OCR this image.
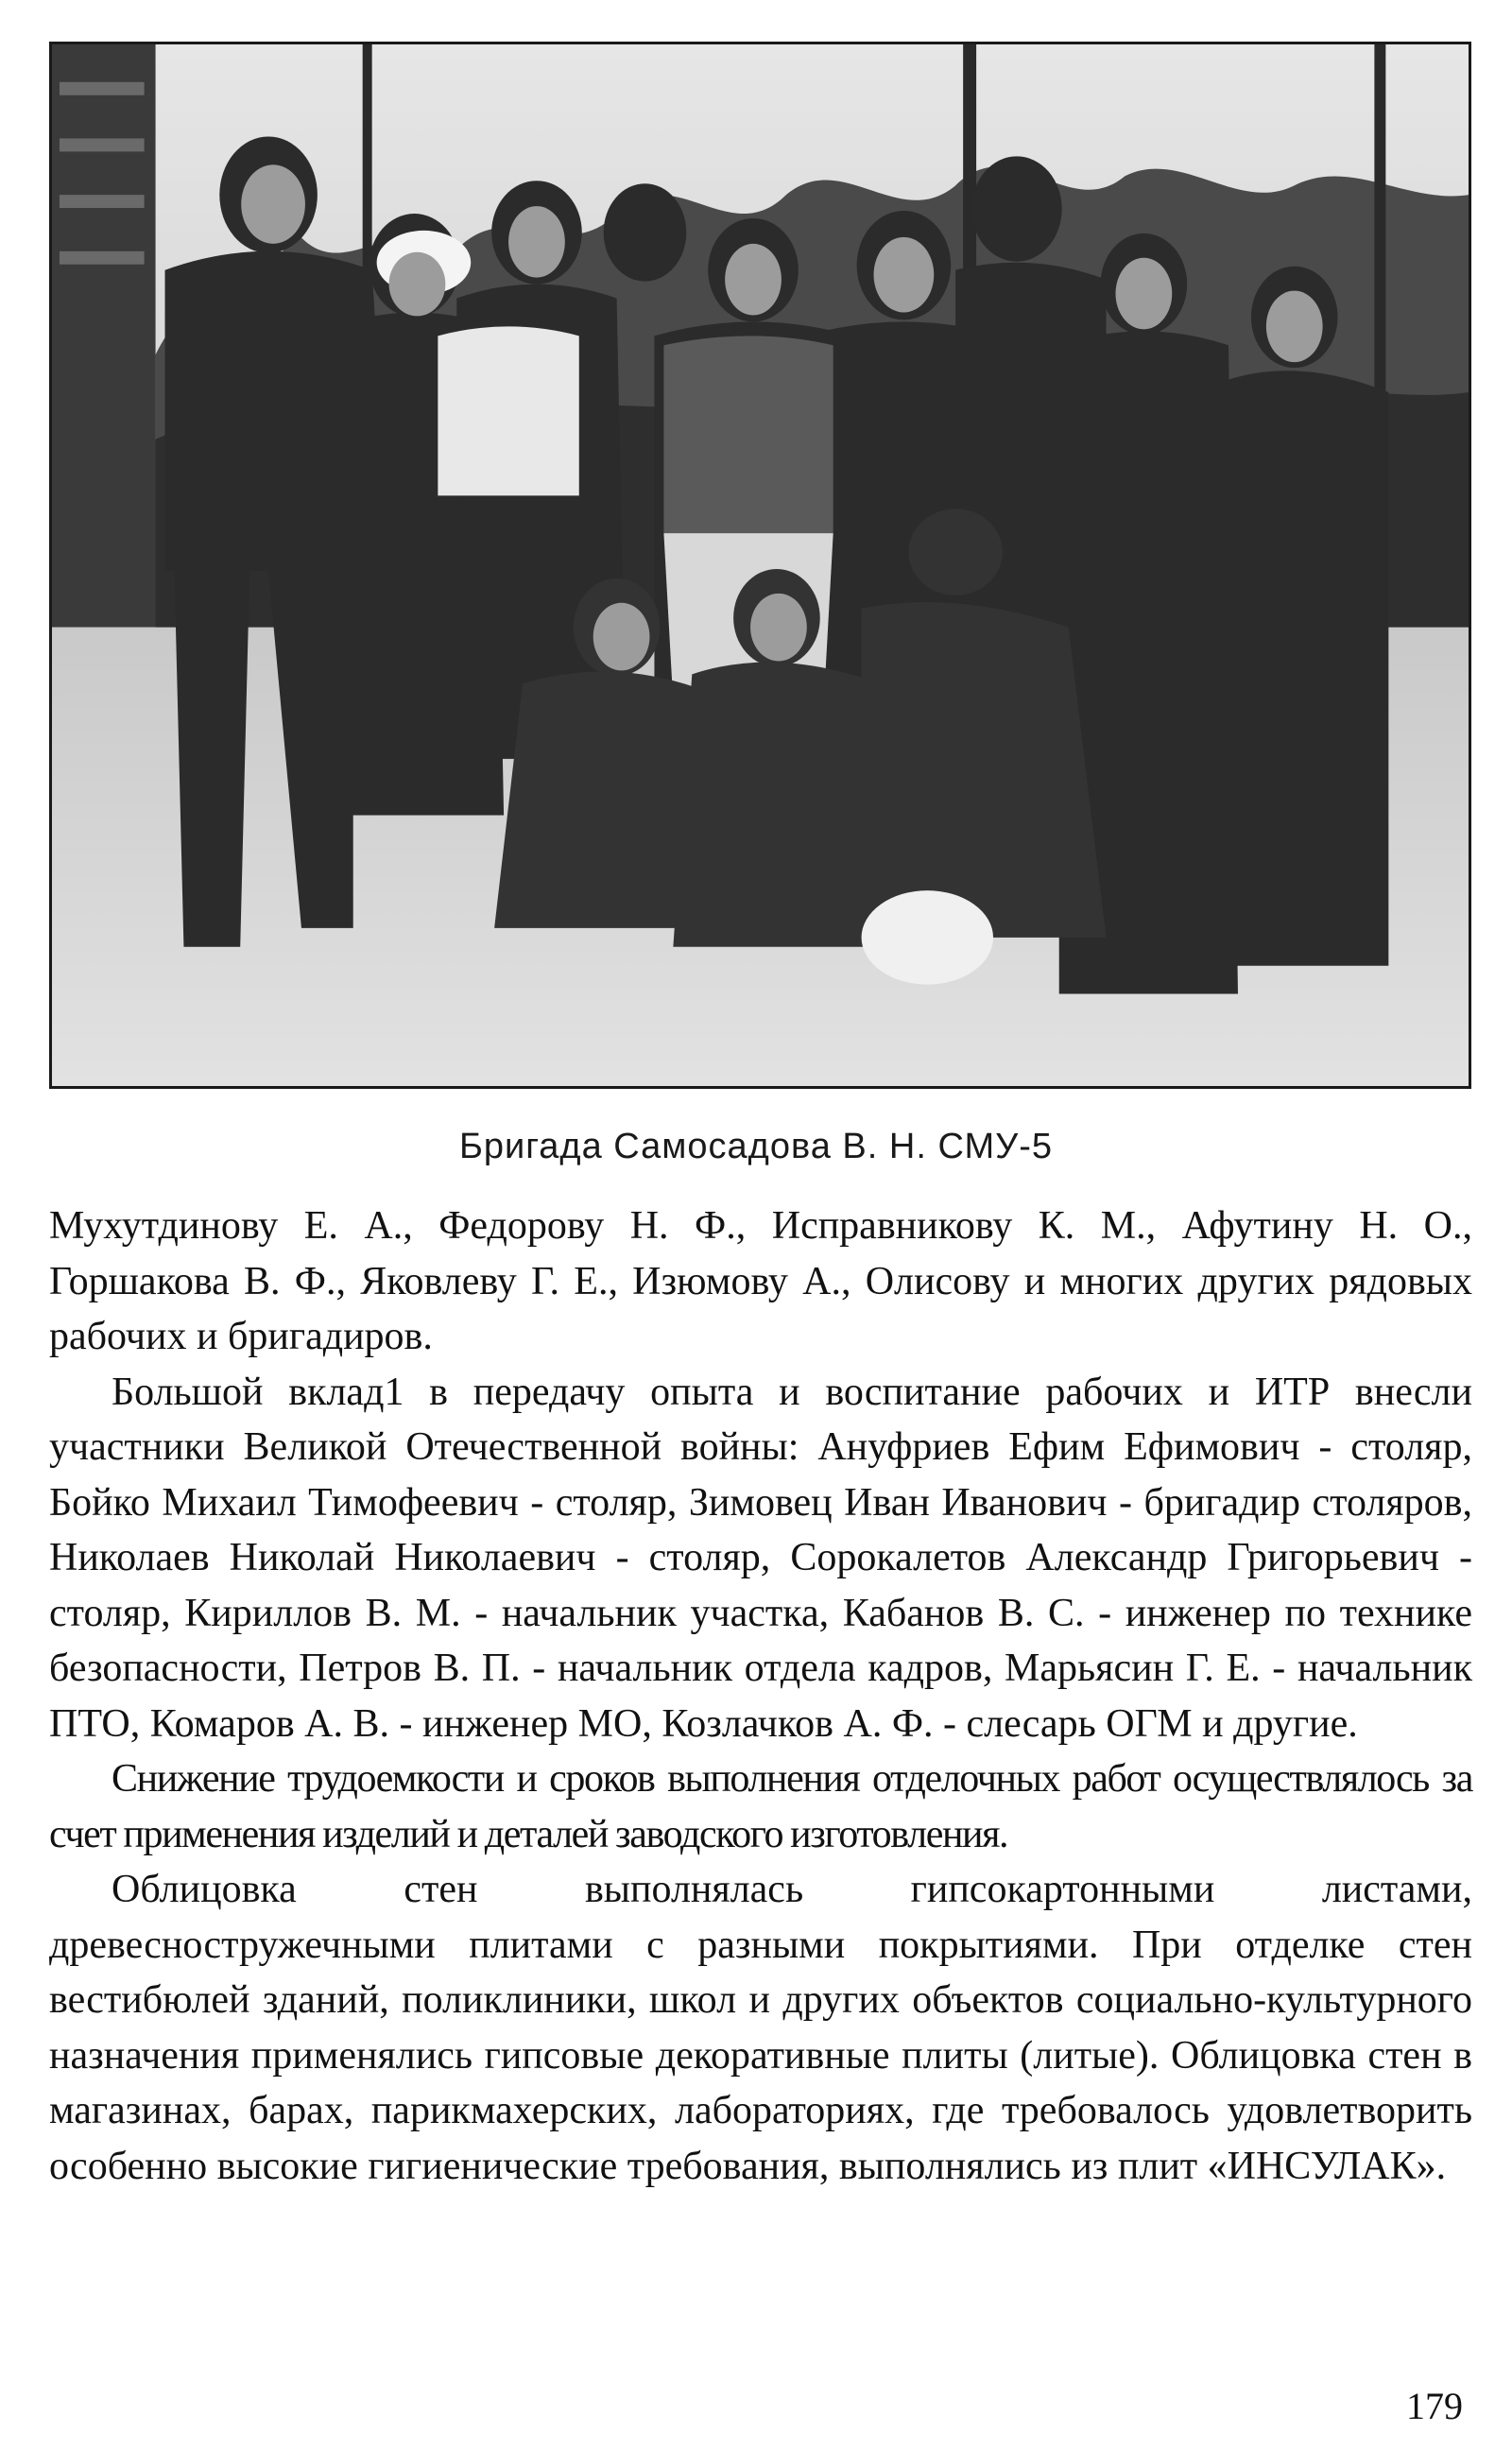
Бригада Самосадова В. Н. СМУ-5

Мухутдинову Е. А., Федорову Н. Ф., Исправникову К. М., Афутину Н. О., Горшакова В. Ф., Яковлеву Г. Е., Изюмову А., Олисову и многих других рядовых рабочих и бригадиров.

Большой вклад1 в передачу опыта и воспитание рабочих и ИТР внесли участники Великой Отечественной войны: Ануфриев Ефим Ефимович - столяр, Бойко Михаил Тимофеевич - столяр, Зимовец Иван Иванович - бригадир столяров, Николаев Николай Николаевич - столяр, Сорокалетов Александр Григорьевич - столяр, Кириллов В. М. - начальник участка, Кабанов В. С. - инженер по технике безопасности, Петров В. П. - начальник отдела кадров, Марьясин Г. Е. - начальник ПТО, Комаров А. В. - инженер МО, Козлачков А. Ф. - слесарь ОГМ и другие.

Снижение трудоемкости и сроков выполнения отделочных работ осуществлялось за счет применения изделий и деталей заводского изготовления.

Облицовка стен выполнялась гипсокартонными листами, древесностружечными плитами с разными покрытиями. При отделке стен вестибюлей зданий, поликлиники, школ и других объектов социально-культурного назначения применялись гипсовые декоративные плиты (литые). Облицовка стен в магазинах, барах, парикмахерских, лабораториях, где требовалось удовлетворить особенно высокие гигиенические требования, выполнялись из плит «ИНСУЛАК».

179
